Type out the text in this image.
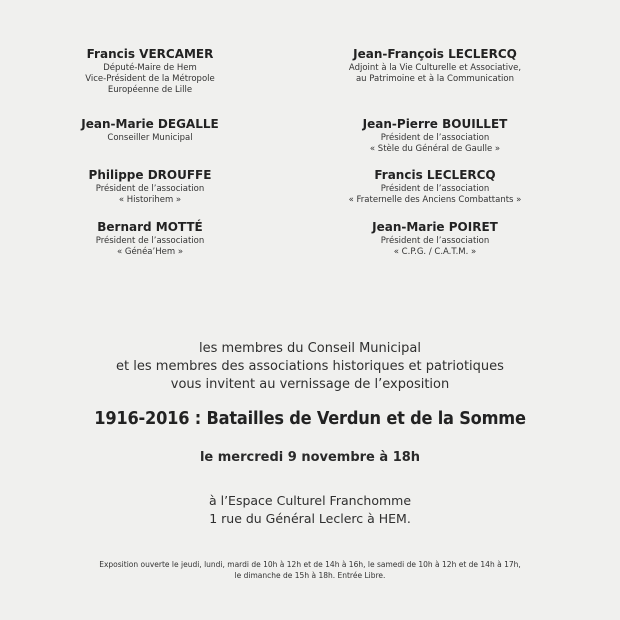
Francis VERCAMER
Député-Maire de Hem
Vice-Président de la Métropole
Européenne de Lille
Jean-Marie DEGALLE
Conseiller Municipal
Philippe DROUFFE
Président de l’association
« Historihem »
Bernard MOTTÉ
Président de l’association
« Généa’Hem »
Jean-François LECLERCQ
Adjoint à la Vie Culturelle et Associative,
au Patrimoine et à la Communication
Jean-Pierre BOUILLET
Président de l’association
« Stèle du Général de Gaulle »
Francis LECLERCQ
Président de l’association
« Fraternelle des Anciens Combattants »
Jean-Marie POIRET
Président de l’association
« C.P.G. / C.A.T.M. »
les membres du Conseil Municipal
et les membres des associations historiques et patriotiques
vous invitent au vernissage de l’exposition
1916-2016 : Batailles de Verdun et de la Somme
le mercredi 9 novembre à 18h
à l’Espace Culturel Franchomme
1 rue du Général Leclerc à HEM.
Exposition ouverte le jeudi, lundi, mardi de 10h à 12h et de 14h à 16h, le samedi de 10h à 12h et de 14h à 17h,
le dimanche de 15h à 18h. Entrée Libre.
